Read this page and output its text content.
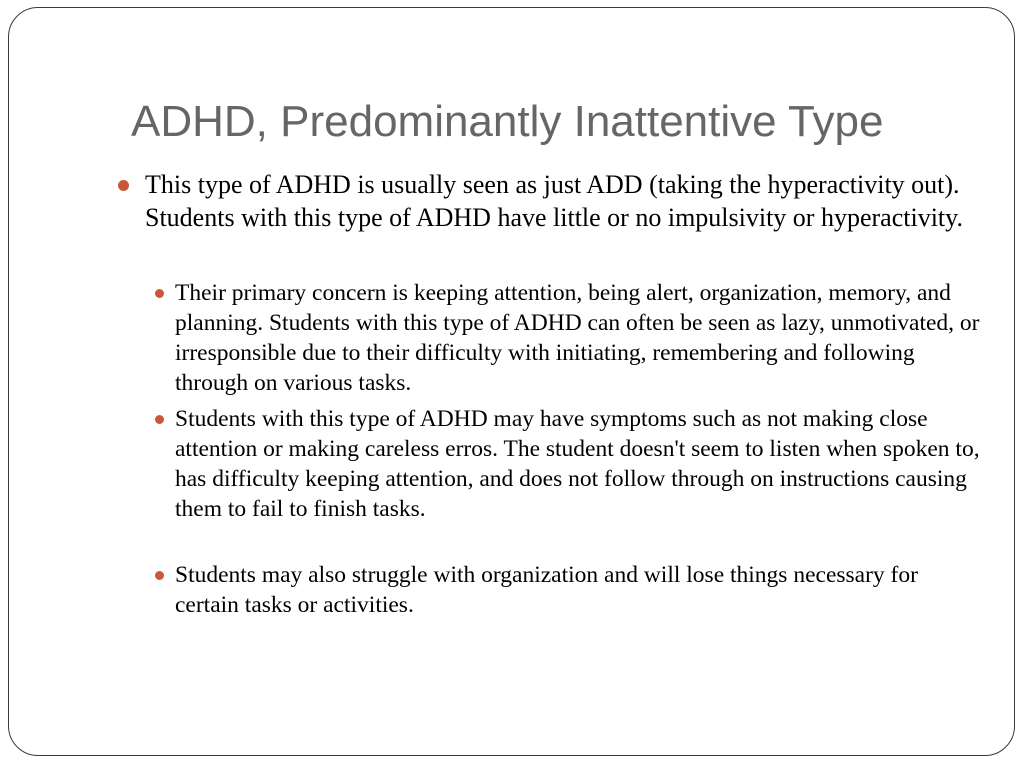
ADHD, Predominantly Inattentive Type
This type of ADHD is usually seen as just ADD (taking the hyperactivity out). Students with this type of ADHD have little or no impulsivity or hyperactivity.
Their primary concern is keeping attention, being alert, organization, memory, and planning. Students with this type of ADHD can often be seen as lazy, unmotivated, or irresponsible due to their difficulty with initiating, remembering and following through on various tasks.
Students with this type of ADHD may have symptoms such as not making close attention or making careless erros. The student doesn't seem to listen when spoken to, has difficulty keeping attention, and does not follow through on instructions causing them to fail to finish tasks.
Students may also struggle with organization and will lose things necessary for certain tasks or activities.
